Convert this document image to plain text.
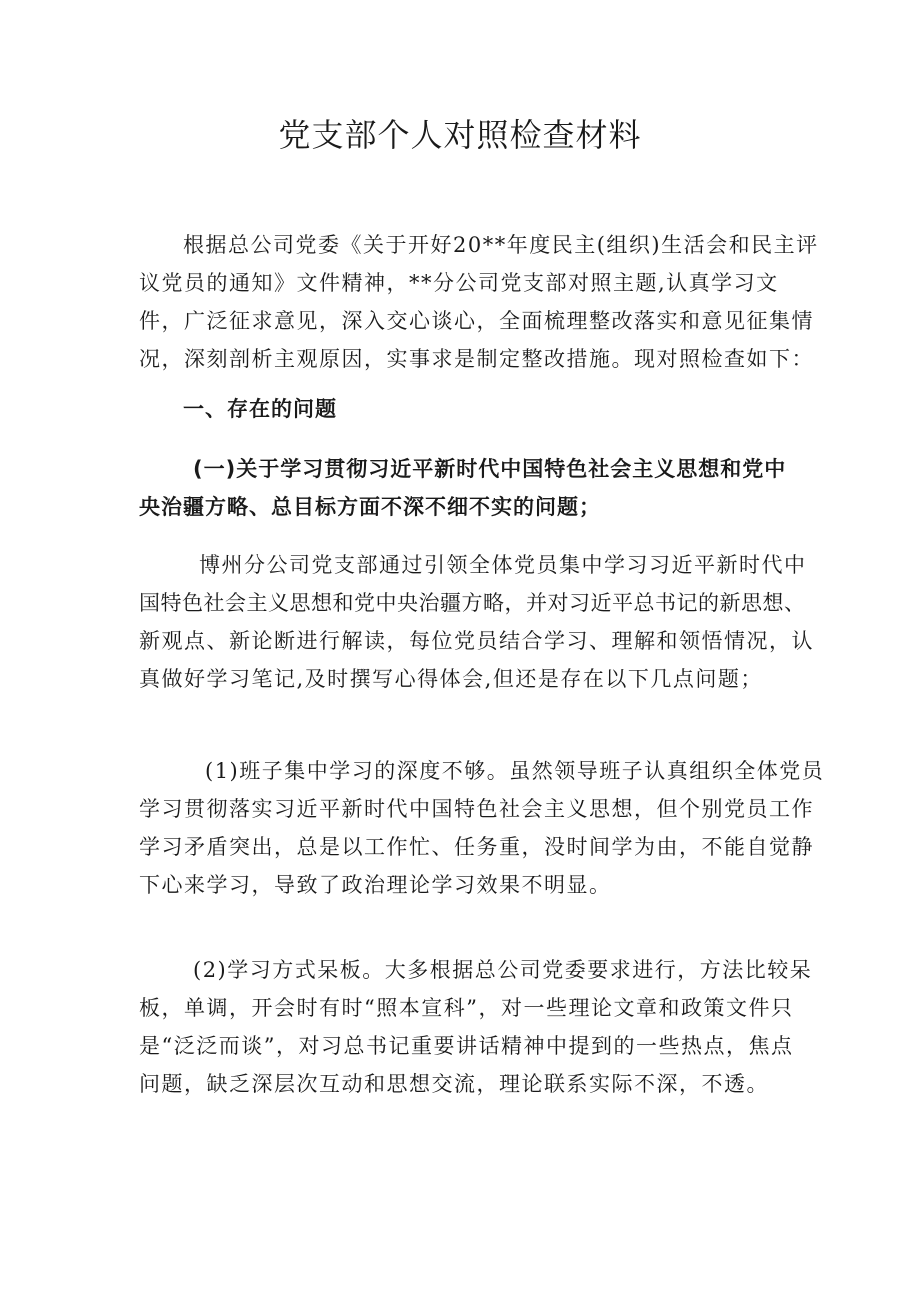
党支部个人对照检查材料

根据总公司党委《关于开好20**年度民主(组织)生活会和民主评
议党员的通知》文件精神，**分公司党支部对照主题,认真学习文
件，广泛征求意见，深入交心谈心，全面梳理整改落实和意见征集情
况，深刻剖析主观原因，实事求是制定整改措施。现对照检查如下：

一、存在的问题

(一)关于学习贯彻习近平新时代中国特色社会主义思想和党中
央治疆方略、总目标方面不深不细不实的问题；

博州分公司党支部通过引领全体党员集中学习习近平新时代中
国特色社会主义思想和党中央治疆方略，并对习近平总书记的新思想、
新观点、新论断进行解读，每位党员结合学习、理解和领悟情况，认
真做好学习笔记,及时撰写心得体会,但还是存在以下几点问题；

(1)班子集中学习的深度不够。虽然领导班子认真组织全体党员
学习贯彻落实习近平新时代中国特色社会主义思想，但个别党员工作
学习矛盾突出，总是以工作忙、任务重，没时间学为由，不能自觉静
下心来学习，导致了政治理论学习效果不明显。

(2)学习方式呆板。大多根据总公司党委要求进行，方法比较呆
板，单调，开会时有时“照本宣科”，对一些理论文章和政策文件只
是“泛泛而谈”，对习总书记重要讲话精神中提到的一些热点，焦点
问题，缺乏深层次互动和思想交流，理论联系实际不深，不透。
